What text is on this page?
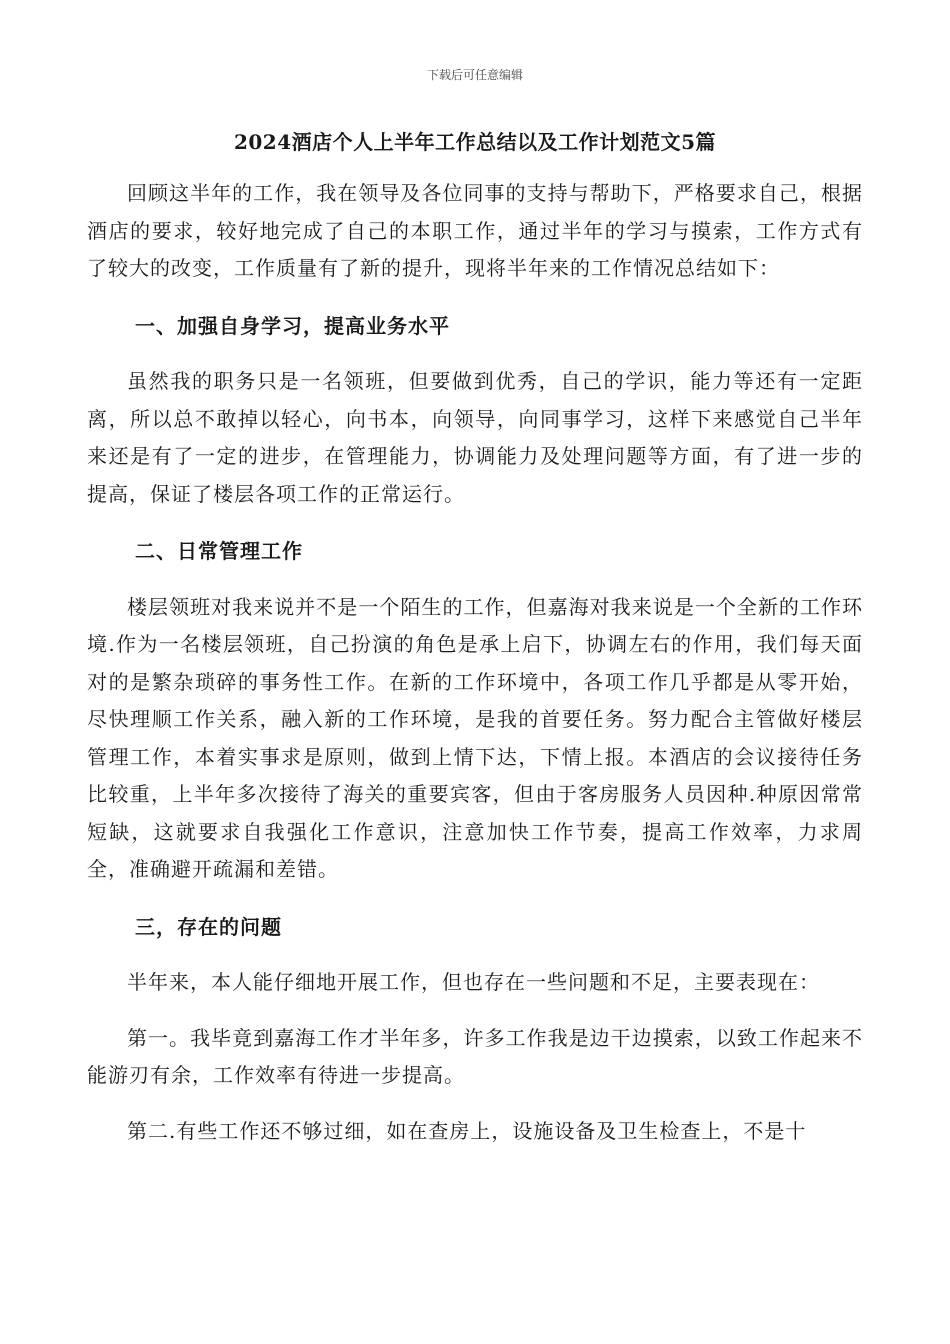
下载后可任意编辑
2024酒店个人上半年工作总结以及工作计划范文5篇

回顾这半年的工作，我在领导及各位同事的支持与帮助下，严格要求自己，根据酒店的要求，较好地完成了自己的本职工作，通过半年的学习与摸索，工作方式有了较大的改变，工作质量有了新的提升，现将半年来的工作情况总结如下：

一、加强自身学习，提高业务水平

虽然我的职务只是一名领班，但要做到优秀，自己的学识，能力等还有一定距离，所以总不敢掉以轻心，向书本，向领导，向同事学习，这样下来感觉自己半年来还是有了一定的进步，在管理能力，协调能力及处理问题等方面，有了进一步的提高，保证了楼层各项工作的正常运行。

二、日常管理工作

楼层领班对我来说并不是一个陌生的工作，但嘉海对我来说是一个全新的工作环境.作为一名楼层领班，自己扮演的角色是承上启下，协调左右的作用，我们每天面对的是繁杂琐碎的事务性工作。在新的工作环境中，各项工作几乎都是从零开始，尽快理顺工作关系，融入新的工作环境，是我的首要任务。努力配合主管做好楼层管理工作，本着实事求是原则，做到上情下达，下情上报。本酒店的会议接待任务比较重，上半年多次接待了海关的重要宾客，但由于客房服务人员因种.种原因常常短缺，这就要求自我强化工作意识，注意加快工作节奏，提高工作效率，力求周全，准确避开疏漏和差错。

三，存在的问题

半年来，本人能仔细地开展工作，但也存在一些问题和不足，主要表现在：

第一。我毕竟到嘉海工作才半年多，许多工作我是边干边摸索，以致工作起来不能游刃有余，工作效率有待进一步提高。

第二.有些工作还不够过细，如在查房上，设施设备及卫生检查上，不是十
